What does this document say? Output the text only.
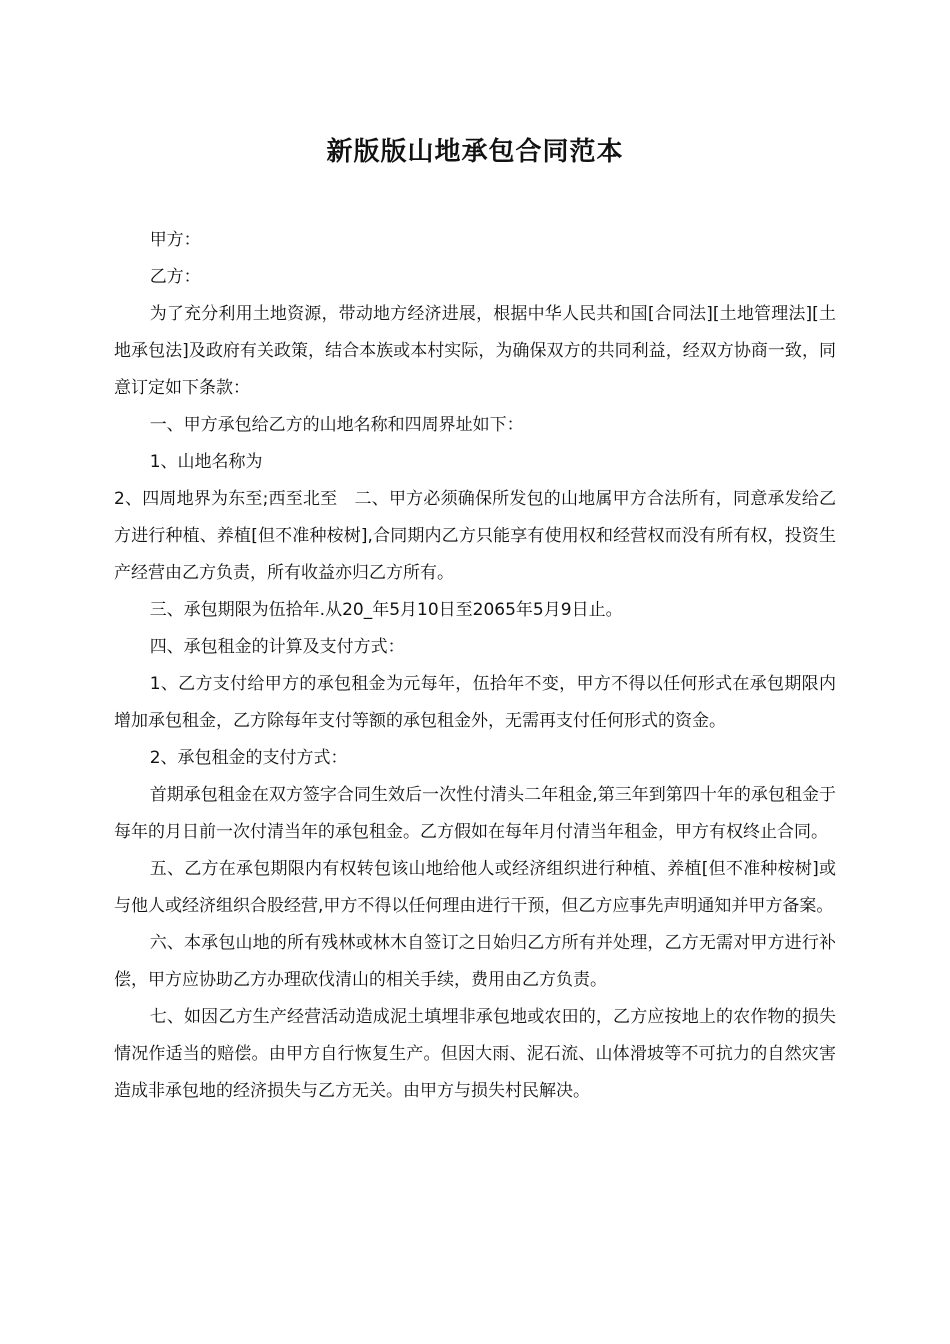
新版版山地承包合同范本

甲方：

乙方：

为了充分利用土地资源，带动地方经济进展，根据中华人民共和国[合同法][土地管理法][土地承包法]及政府有关政策，结合本族或本村实际，为确保双方的共同利益，经双方协商一致，同意订定如下条款：

一、甲方承包给乙方的山地名称和四周界址如下：

1、山地名称为

2、四周地界为东至;西至北至　二、甲方必须确保所发包的山地属甲方合法所有，同意承发给乙方进行种植、养植[但不准种桉树],合同期内乙方只能享有使用权和经营权而没有所有权，投资生产经营由乙方负责，所有收益亦归乙方所有。

三、承包期限为伍拾年.从20_年5月10日至2065年5月9日止。

四、承包租金的计算及支付方式：

1、乙方支付给甲方的承包租金为元每年，伍拾年不变，甲方不得以任何形式在承包期限内增加承包租金，乙方除每年支付等额的承包租金外，无需再支付任何形式的资金。

2、承包租金的支付方式：

首期承包租金在双方签字合同生效后一次性付清头二年租金,第三年到第四十年的承包租金于每年的月日前一次付清当年的承包租金。乙方假如在每年月付清当年租金，甲方有权终止合同。

五、乙方在承包期限内有权转包该山地给他人或经济组织进行种植、养植[但不准种桉树]或与他人或经济组织合股经营,甲方不得以任何理由进行干预，但乙方应事先声明通知并甲方备案。

六、本承包山地的所有残林或林木自签订之日始归乙方所有并处理，乙方无需对甲方进行补偿，甲方应协助乙方办理砍伐清山的相关手续，费用由乙方负责。

七、如因乙方生产经营活动造成泥土填埋非承包地或农田的，乙方应按地上的农作物的损失情况作适当的赔偿。由甲方自行恢复生产。但因大雨、泥石流、山体滑坡等不可抗力的自然灾害造成非承包地的经济损失与乙方无关。由甲方与损失村民解决。
